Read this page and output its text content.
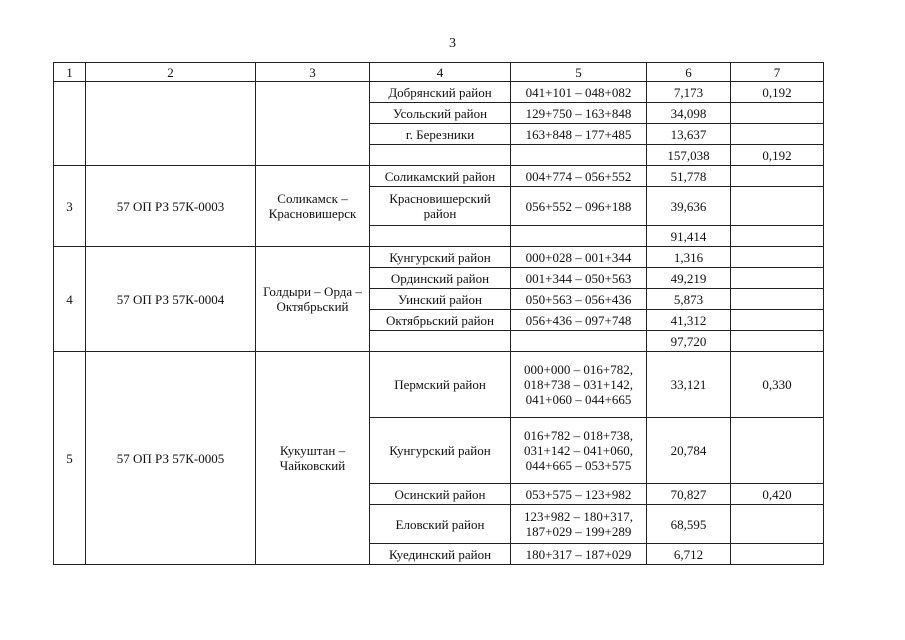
3
1	2	3	4	5	6	7
			Добрянский район	041+101 – 048+082	7,173	0,192
			Усольский район	129+750 – 163+848	34,098	
			г. Березники	163+848 – 177+485	13,637	
					157,038	0,192
3	57 ОП РЗ 57К-0003	Соликамск – Красновишерск	Соликамский район	004+774 – 056+552	51,778	
			Красновишерский район	056+552 – 096+188	39,636	
					91,414	
4	57 ОП РЗ 57К-0004	Голдыри – Орда – Октябрьский	Кунгурский район	000+028 – 001+344	1,316	
			Ординский район	001+344 – 050+563	49,219	
			Уинский район	050+563 – 056+436	5,873	
			Октябрьский район	056+436 – 097+748	41,312	
					97,720	
5	57 ОП РЗ 57К-0005	Кукуштан – Чайковский	Пермский район	000+000 – 016+782, 018+738 – 031+142, 041+060 – 044+665	33,121	0,330
			Кунгурский район	016+782 – 018+738, 031+142 – 041+060, 044+665 – 053+575	20,784	
			Осинский район	053+575 – 123+982	70,827	0,420
			Еловский район	123+982 – 180+317, 187+029 – 199+289	68,595	
			Куединский район	180+317 – 187+029	6,712	
